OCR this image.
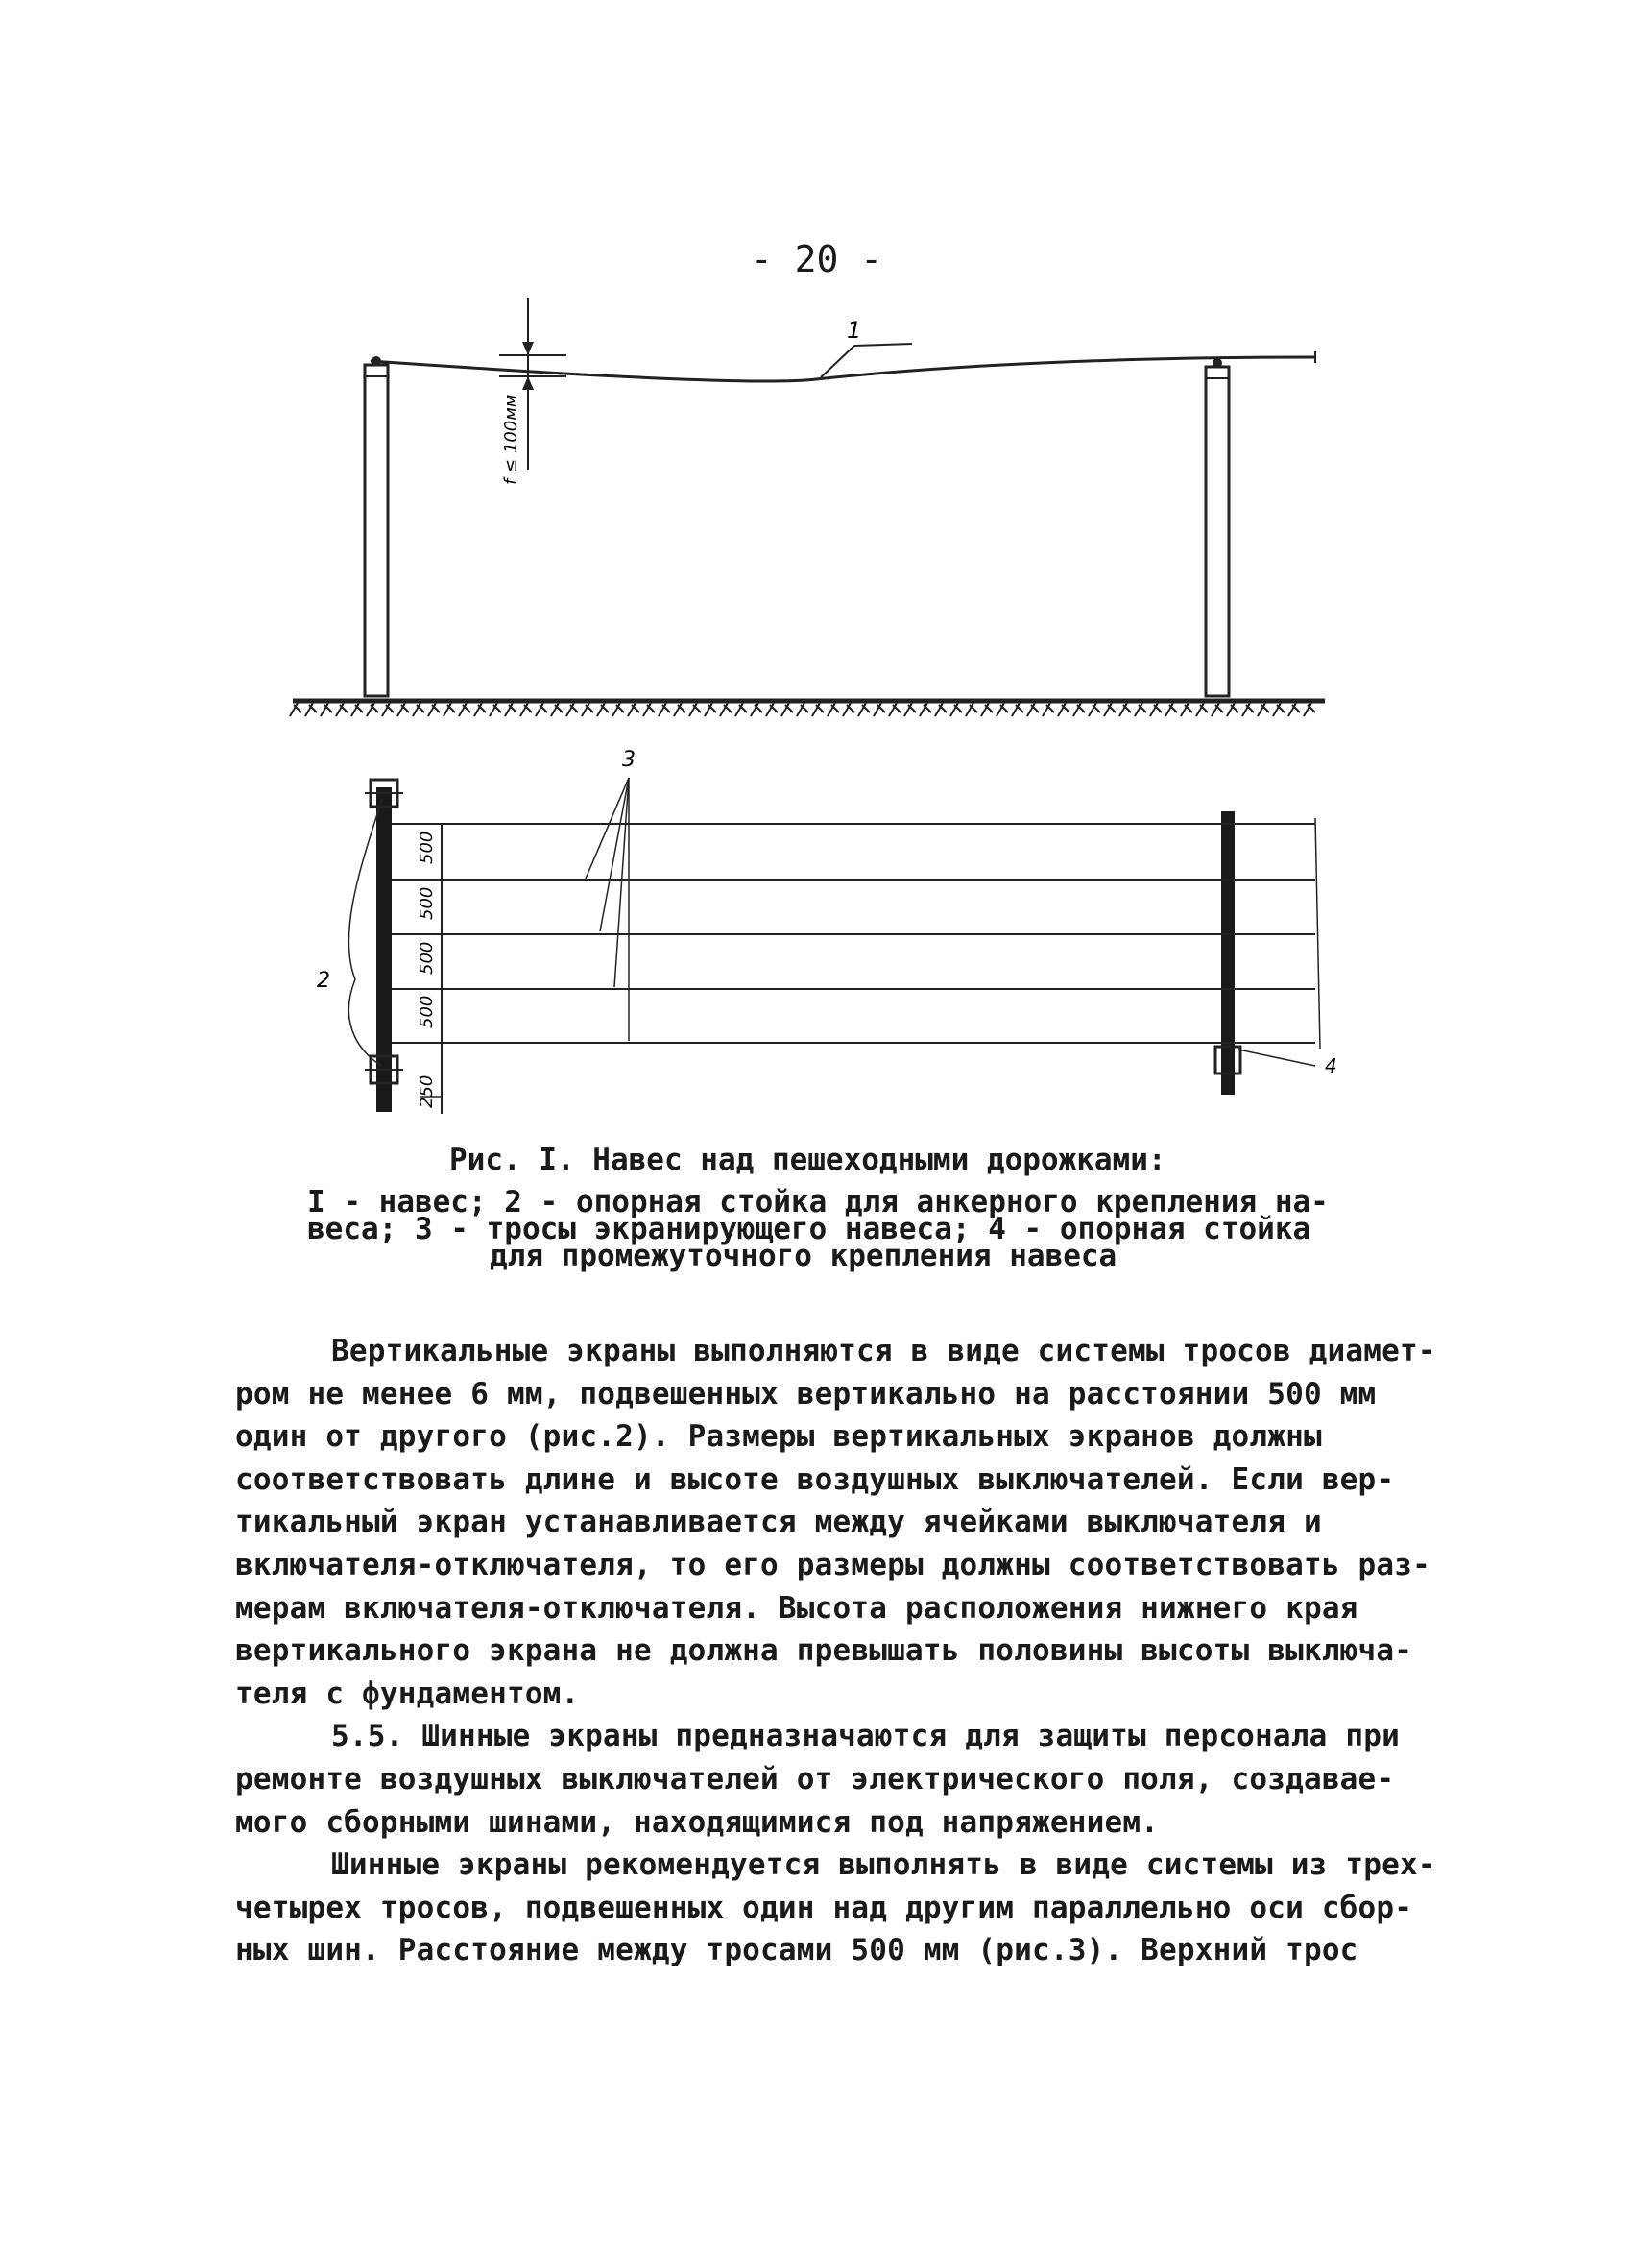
- 20 -
f ≤ 100мм
1
500
500
500
500
250
3
2
4
Рис. I. Навес над пешеходными дорожками:
I - навес; 2 - опорная стойка для анкерного крепления на-
веса; 3 - тросы экранирующего навеса; 4 - опорная стойка
для промежуточного крепления навеса
Вертикальные экраны выполняются в виде системы тросов диамет-
ром не менее 6 мм, подвешенных вертикально на расстоянии 500 мм
один от другого (рис.2). Размеры вертикальных экранов должны
соответствовать длине и высоте воздушных выключателей. Если вер-
тикальный экран устанавливается между ячейками выключателя и
включателя-отключателя, то его размеры должны соответствовать раз-
мерам включателя-отключателя. Высота расположения нижнего края
вертикального экрана не должна превышать половины высоты выключа-
теля с фундаментом.
5.5. Шинные экраны предназначаются для защиты персонала при
ремонте воздушных выключателей от электрического поля, создавае-
мого сборными шинами, находящимися под напряжением.
Шинные экраны рекомендуется выполнять в виде системы из трех-
четырех тросов, подвешенных один над другим параллельно оси сбор-
ных шин. Расстояние между тросами 500 мм (рис.3). Верхний трос
